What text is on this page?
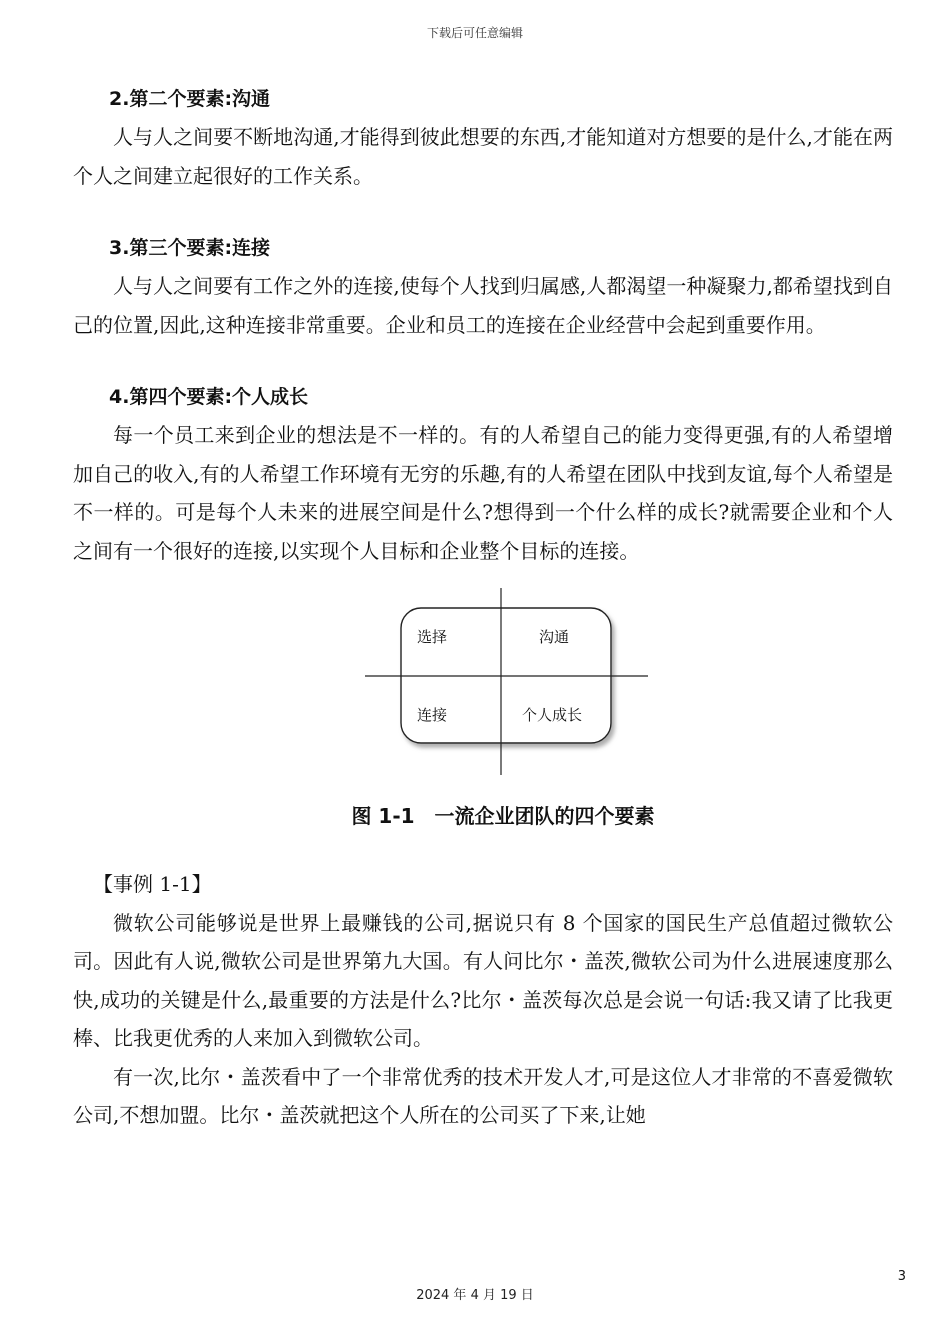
下载后可任意编辑
2.第二个要素:沟通

人与人之间要不断地沟通,才能得到彼此想要的东西,才能知道对方想要的是什么,才能在两个人之间建立起很好的工作关系。

3.第三个要素:连接

人与人之间要有工作之外的连接,使每个人找到归属感,人都渴望一种凝聚力,都希望找到自己的位置,因此,这种连接非常重要。企业和员工的连接在企业经营中会起到重要作用。

4.第四个要素:个人成长

每一个员工来到企业的想法是不一样的。有的人希望自己的能力变得更强,有的人希望增加自己的收入,有的人希望工作环境有无穷的乐趣,有的人希望在团队中找到友谊,每个人希望是不一样的。可是每个人未来的进展空间是什么?想得到一个什么样的成长?就需要企业和个人之间有一个很好的连接,以实现个人目标和企业整个目标的连接。

选择	沟通
连接	个人成长
图 1-1　一流企业团队的四个要素
【事例 1-1】

微软公司能够说是世界上最赚钱的公司,据说只有 8 个国家的国民生产总值超过微软公司。因此有人说,微软公司是世界第九大国。有人问比尔・盖茨,微软公司为什么进展速度那么快,成功的关键是什么,最重要的方法是什么?比尔・盖茨每次总是会说一句话:我又请了比我更棒、比我更优秀的人来加入到微软公司。

有一次,比尔・盖茨看中了一个非常优秀的技术开发人才,可是这位人才非常的不喜爱微软公司,不想加盟。比尔・盖茨就把这个人所在的公司买了下来,让她

3
2024 年 4 月 19 日
